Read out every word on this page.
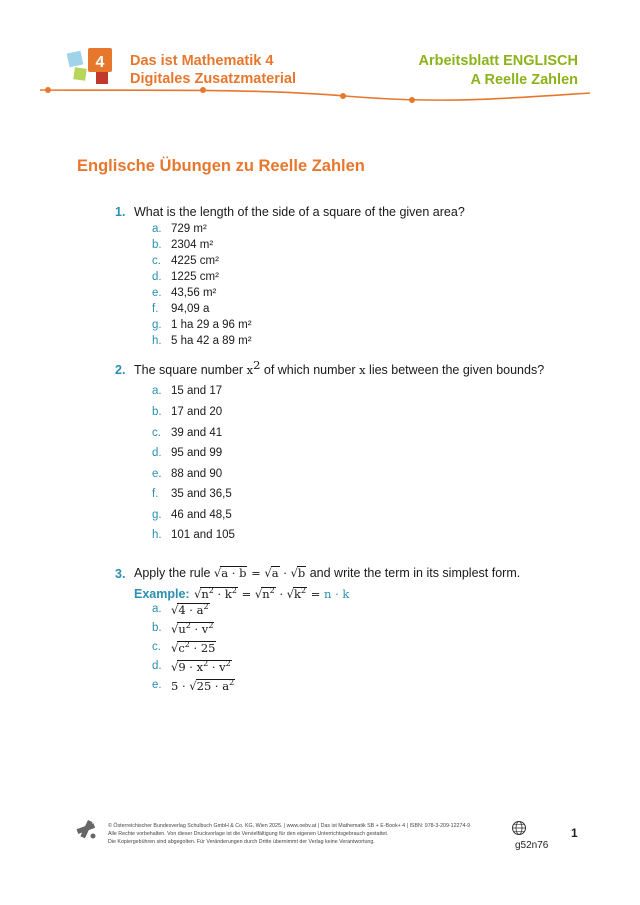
4 Das ist Mathematik 4
Digitales Zusatzmaterial
Arbeitsblatt ENGLISCH
A Reelle Zahlen
Englische Übungen zu Reelle Zahlen
1. What is the length of the side of a square of the given area?
a. 729 m²
b. 2304 m²
c. 4225 cm²
d. 1225 cm²
e. 43,56 m²
f. 94,09 a
g. 1 ha 29 a 96 m²
h. 5 ha 42 a 89 m²
2. The square number $x^2$ of which number x lies between the given bounds?
a. 15 and 17
b. 17 and 20
c. 39 and 41
d. 95 and 99
e. 88 and 90
f. 35 and 36,5
g. 46 and 48,5
h. 101 and 105
3. Apply the rule √a · b = √a · √b and write the term in its simplest form.
Example: $√n^2 \cdot k^2 = √n^2 \cdot √k^2 = n \cdot k$
a. $√4 \cdot a^2$
b. $√u^2 \cdot v^2$
c. $√c^2 \cdot 25$
d. $√9 \cdot x^2 \cdot v^2$
e. $5 \cdot √25 \cdot a^2$
© Österreichischer Bundesverlag Schulbuch GmbH & Co. KG, Wien 2025. | www.oebv.at | Das ist Mathematik SB + E-Book+ 4 | ISBN: 978-3-209-12274-9
Alle Rechte vorbehalten. Von dieser Druckvorlage ist die Vervielfältigung für den eigenen Unterrichtsgebrauch gestattet.
Die Kopiergebühren sind abgegolten. Für Veränderungen durch Dritte übernimmt der Verlag keine Verantwortung.	g52n76
1
